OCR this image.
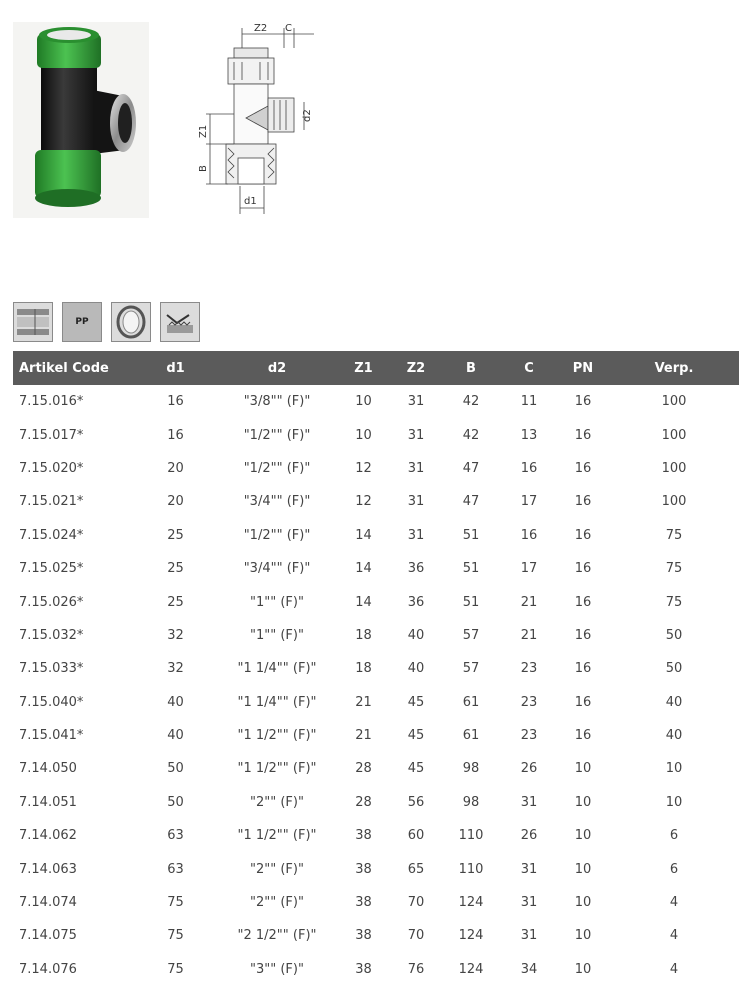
Z2 C
d2
Z1
B
d1
PP
Artikel Code	d1	d2	Z1	Z2	B	C	PN	Verp.
7.15.016*	16	"3/8"" (F)"	10	31	42	11	16	100
7.15.017*	16	"1/2"" (F)"	10	31	42	13	16	100
7.15.020*	20	"1/2"" (F)"	12	31	47	16	16	100
7.15.021*	20	"3/4"" (F)"	12	31	47	17	16	100
7.15.024*	25	"1/2"" (F)"	14	31	51	16	16	75
7.15.025*	25	"3/4"" (F)"	14	36	51	17	16	75
7.15.026*	25	"1"" (F)"	14	36	51	21	16	75
7.15.032*	32	"1"" (F)"	18	40	57	21	16	50
7.15.033*	32	"1 1/4"" (F)"	18	40	57	23	16	50
7.15.040*	40	"1 1/4"" (F)"	21	45	61	23	16	40
7.15.041*	40	"1 1/2"" (F)"	21	45	61	23	16	40
7.14.050	50	"1 1/2"" (F)"	28	45	98	26	10	10
7.14.051	50	"2"" (F)"	28	56	98	31	10	10
7.14.062	63	"1 1/2"" (F)"	38	60	110	26	10	6
7.14.063	63	"2"" (F)"	38	65	110	31	10	6
7.14.074	75	"2"" (F)"	38	70	124	31	10	4
7.14.075	75	"2 1/2"" (F)"	38	70	124	31	10	4
7.14.076	75	"3"" (F)"	38	76	124	34	10	4
